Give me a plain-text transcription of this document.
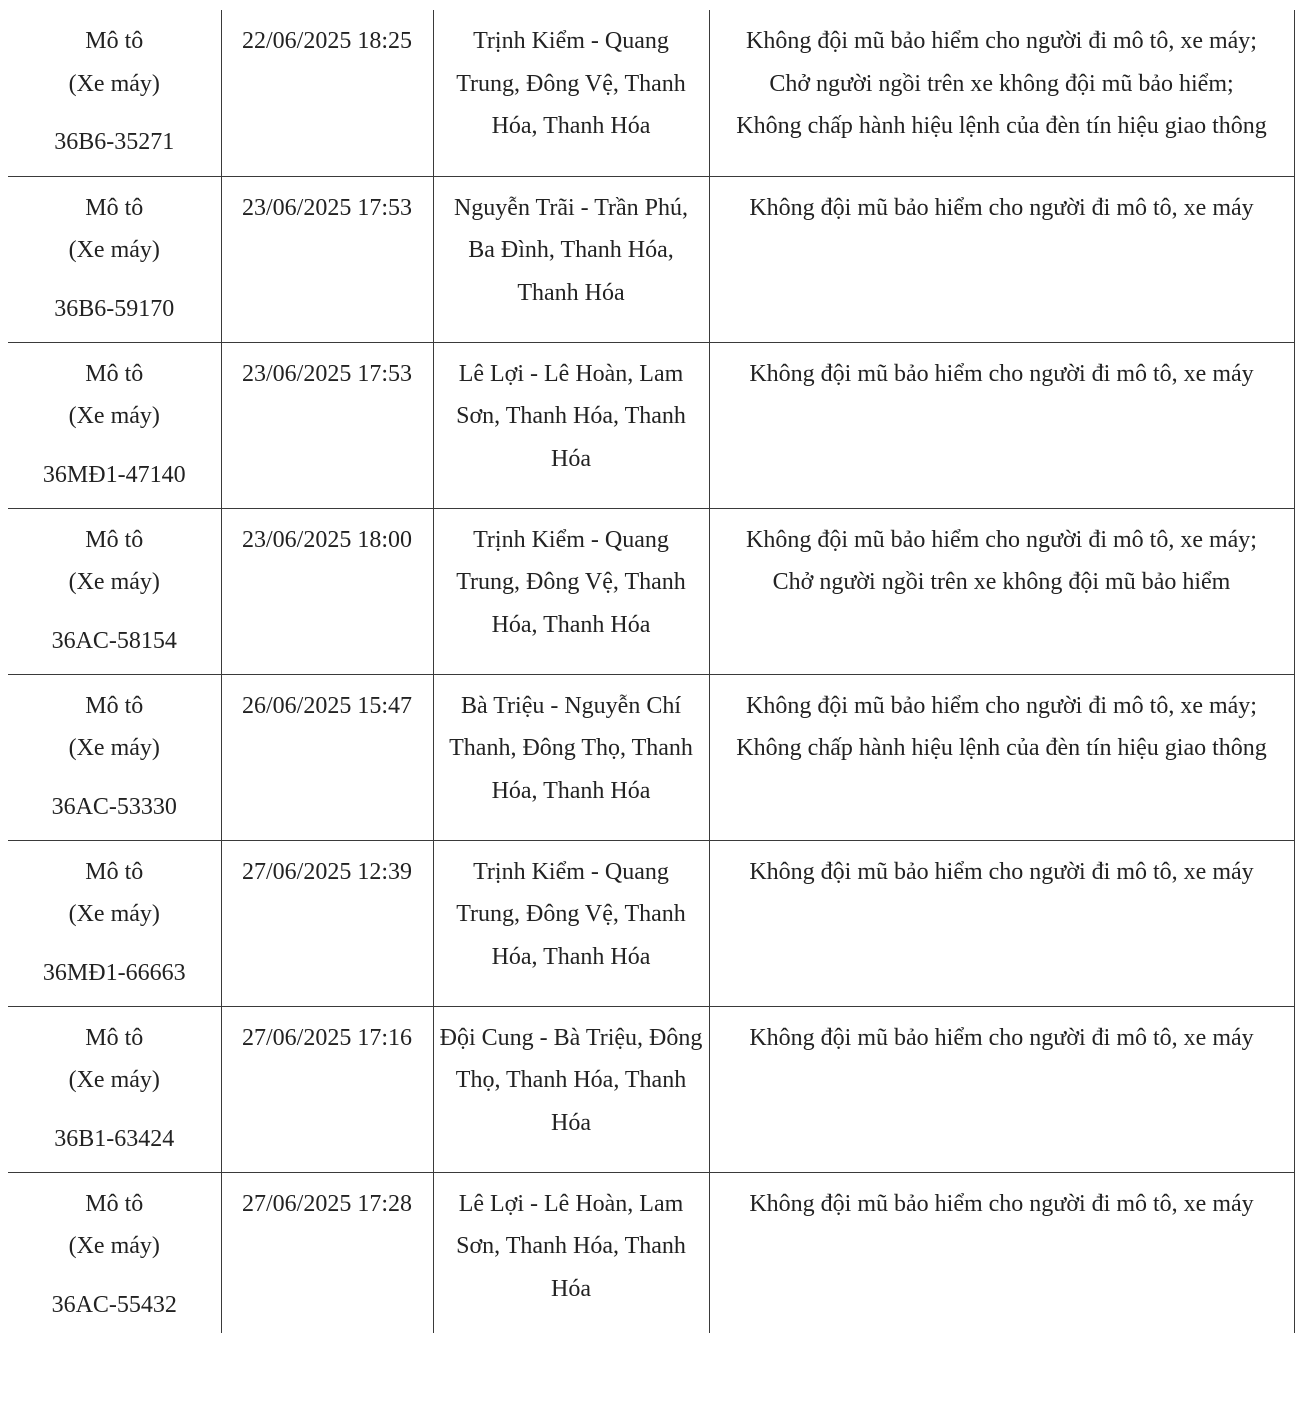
Mô tô
(Xe máy)
36B6-35271	22/06/2025 18:25	Trịnh Kiểm - Quang Trung, Đông Vệ, Thanh Hóa, Thanh Hóa	Không đội mũ bảo hiểm cho người đi mô tô, xe máy;
Chở người ngồi trên xe không đội mũ bảo hiểm;
Không chấp hành hiệu lệnh của đèn tín hiệu giao thông

Mô tô
(Xe máy)
36B6-59170	23/06/2025 17:53	Nguyễn Trãi - Trần Phú, Ba Đình, Thanh Hóa, Thanh Hóa	Không đội mũ bảo hiểm cho người đi mô tô, xe máy

Mô tô
(Xe máy)
36MĐ1-47140	23/06/2025 17:53	Lê Lợi - Lê Hoàn, Lam Sơn, Thanh Hóa, Thanh Hóa	Không đội mũ bảo hiểm cho người đi mô tô, xe máy

Mô tô
(Xe máy)
36AC-58154	23/06/2025 18:00	Trịnh Kiểm - Quang Trung, Đông Vệ, Thanh Hóa, Thanh Hóa	Không đội mũ bảo hiểm cho người đi mô tô, xe máy;
Chở người ngồi trên xe không đội mũ bảo hiểm

Mô tô
(Xe máy)
36AC-53330	26/06/2025 15:47	Bà Triệu - Nguyễn Chí Thanh, Đông Thọ, Thanh Hóa, Thanh Hóa	Không đội mũ bảo hiểm cho người đi mô tô, xe máy;
Không chấp hành hiệu lệnh của đèn tín hiệu giao thông

Mô tô
(Xe máy)
36MĐ1-66663	27/06/2025 12:39	Trịnh Kiểm - Quang Trung, Đông Vệ, Thanh Hóa, Thanh Hóa	Không đội mũ bảo hiểm cho người đi mô tô, xe máy

Mô tô
(Xe máy)
36B1-63424	27/06/2025 17:16	Đội Cung - Bà Triệu, Đông Thọ, Thanh Hóa, Thanh Hóa	Không đội mũ bảo hiểm cho người đi mô tô, xe máy

Mô tô
(Xe máy)
36AC-55432	27/06/2025 17:28	Lê Lợi - Lê Hoàn, Lam Sơn, Thanh Hóa, Thanh Hóa	Không đội mũ bảo hiểm cho người đi mô tô, xe máy
